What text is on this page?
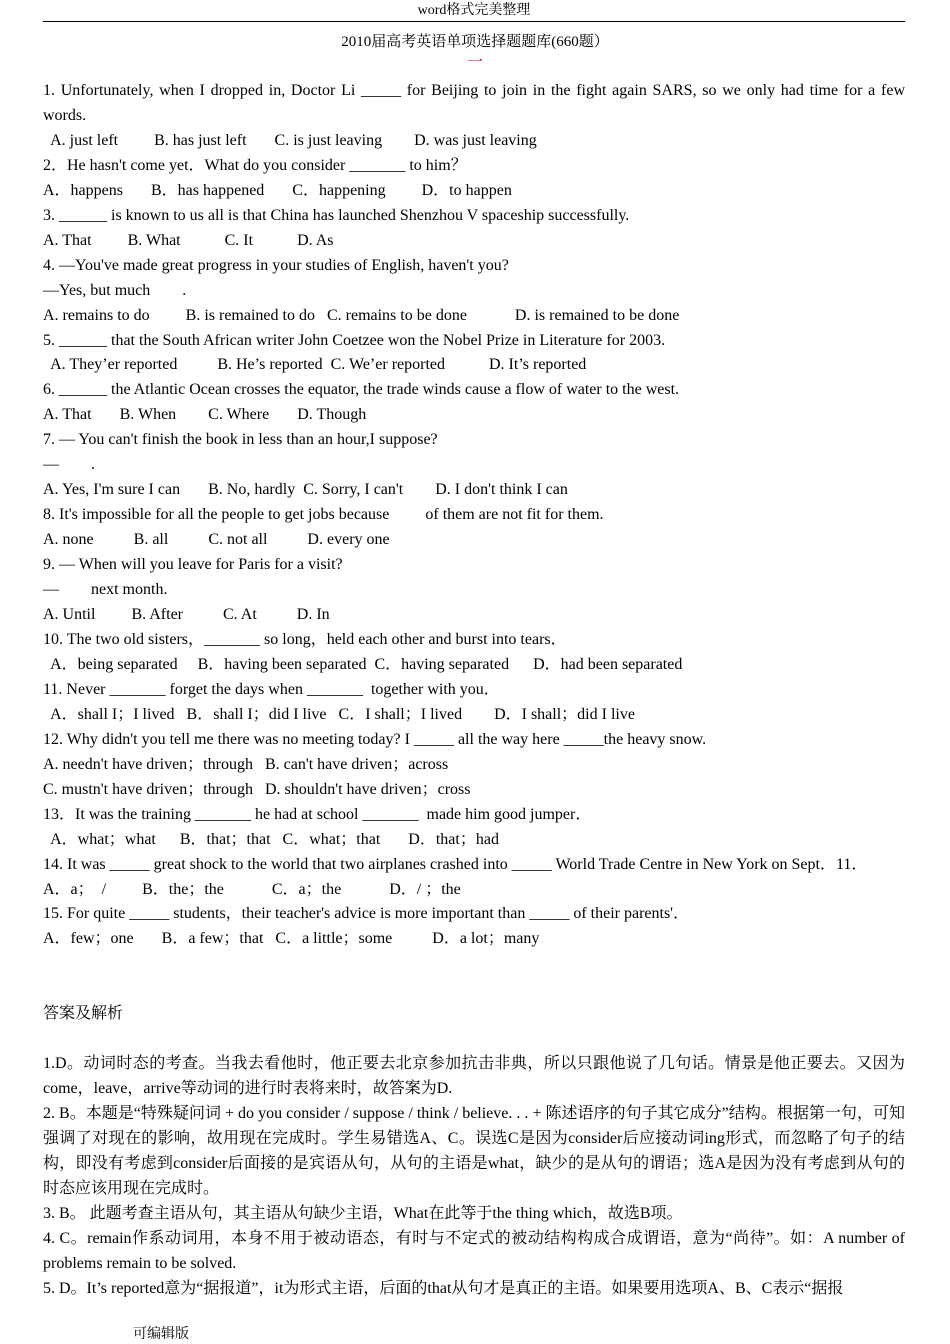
word格式完美整理
2010届高考英语单项选择题题库(660题）
一

1. Unfortunately, when I dropped in, Doctor Li _____ for Beijing to join in the fight again SARS, so we only had time for a few words.

A. just left         B. has just left       C. is just leaving        D. was just leaving

2．He hasn't come yet．What do you consider _______ to him？

A．happens       B．has happened       C．happening         D．to happen

3. ______ is known to us all is that China has launched Shenzhou V spaceship successfully.

A. That         B. What           C. It           D. As

4. —You've made great progress in your studies of English, haven't you?

—Yes, but much        .

A. remains to do         B. is remained to do   C. remains to be done            D. is remained to be done

5. ______ that the South African writer John Coetzee won the Nobel Prize in Literature for 2003.

A. They’er reported          B. He’s reported  C. We’er reported           D. It’s reported

6. ______ the Atlantic Ocean crosses the equator, the trade winds cause a flow of water to the west.

A. That       B. When        C. Where       D. Though

7. — You can't finish the book in less than an hour,I suppose?

—        .

A. Yes, I'm sure I can       B. No, hardly  C. Sorry, I can't        D. I don't think I can

8. It's impossible for all the people to get jobs because         of them are not fit for them.

A. none          B. all          C. not all          D. every one

9. — When will you leave for Paris for a visit?

—        next month.

A. Until         B. After          C. At          D. In

10. The two old sisters，_______ so long，held each other and burst into tears．

A．being separated     B．having been separated  C．having separated      D．had been separated

11. Never _______ forget the days when _______  together with you．

A．shall I；I lived   B．shall I；did I live   C．I shall；I lived        D．I shall；did I live

12. Why didn't you tell me there was no meeting today? I _____ all the way here _____the heavy snow.

A. needn't have driven；through   B. can't have driven；across

C. mustn't have driven；through   D. shouldn't have driven；cross

13．It was the training _______ he had at school _______  made him good jumper．

A．what；what      B．that；that   C．what；that       D．that；had

14. It was _____ great shock to the world that two airplanes crashed into _____ World Trade Centre in New York on Sept．11．

A．a；  /         B．the；the            C．a；the            D．/ ；the

15. For quite _____ students，their teacher's advice is more important than _____ of their parents'．

A．few；one       B．a few；that   C．a little；some          D．a lot；many

答案及解析

1.D。动词时态的考查。当我去看他时，他正要去北京参加抗击非典，所以只跟他说了几句话。情景是他正要去。又因为come，leave，arrive等动词的进行时表将来时，故答案为D.

2. B。本题是“特殊疑问词 + do you consider / suppose / think / believe. . . + 陈述语序的句子其它成分”结构。根据第一句，可知强调了对现在的影响，故用现在完成时。学生易错选A、C。误选C是因为consider后应接动词ing形式，而忽略了句子的结构，即没有考虑到consider后面接的是宾语从句，从句的主语是what，缺少的是从句的谓语；选A是因为没有考虑到从句的时态应该用现在完成时。

3. B。 此题考查主语从句，其主语从句缺少主语，What在此等于the thing which，故选B项。

4. C。remain作系动词用，本身不用于被动语态，有时与不定式的被动结构构成合成谓语，意为“尚待”。如：A number of problems remain to be solved.

5. D。It’s reported意为“据报道”，it为形式主语，后面的that从句才是真正的主语。如果要用选项A、B、C表示“据报

可编辑版
